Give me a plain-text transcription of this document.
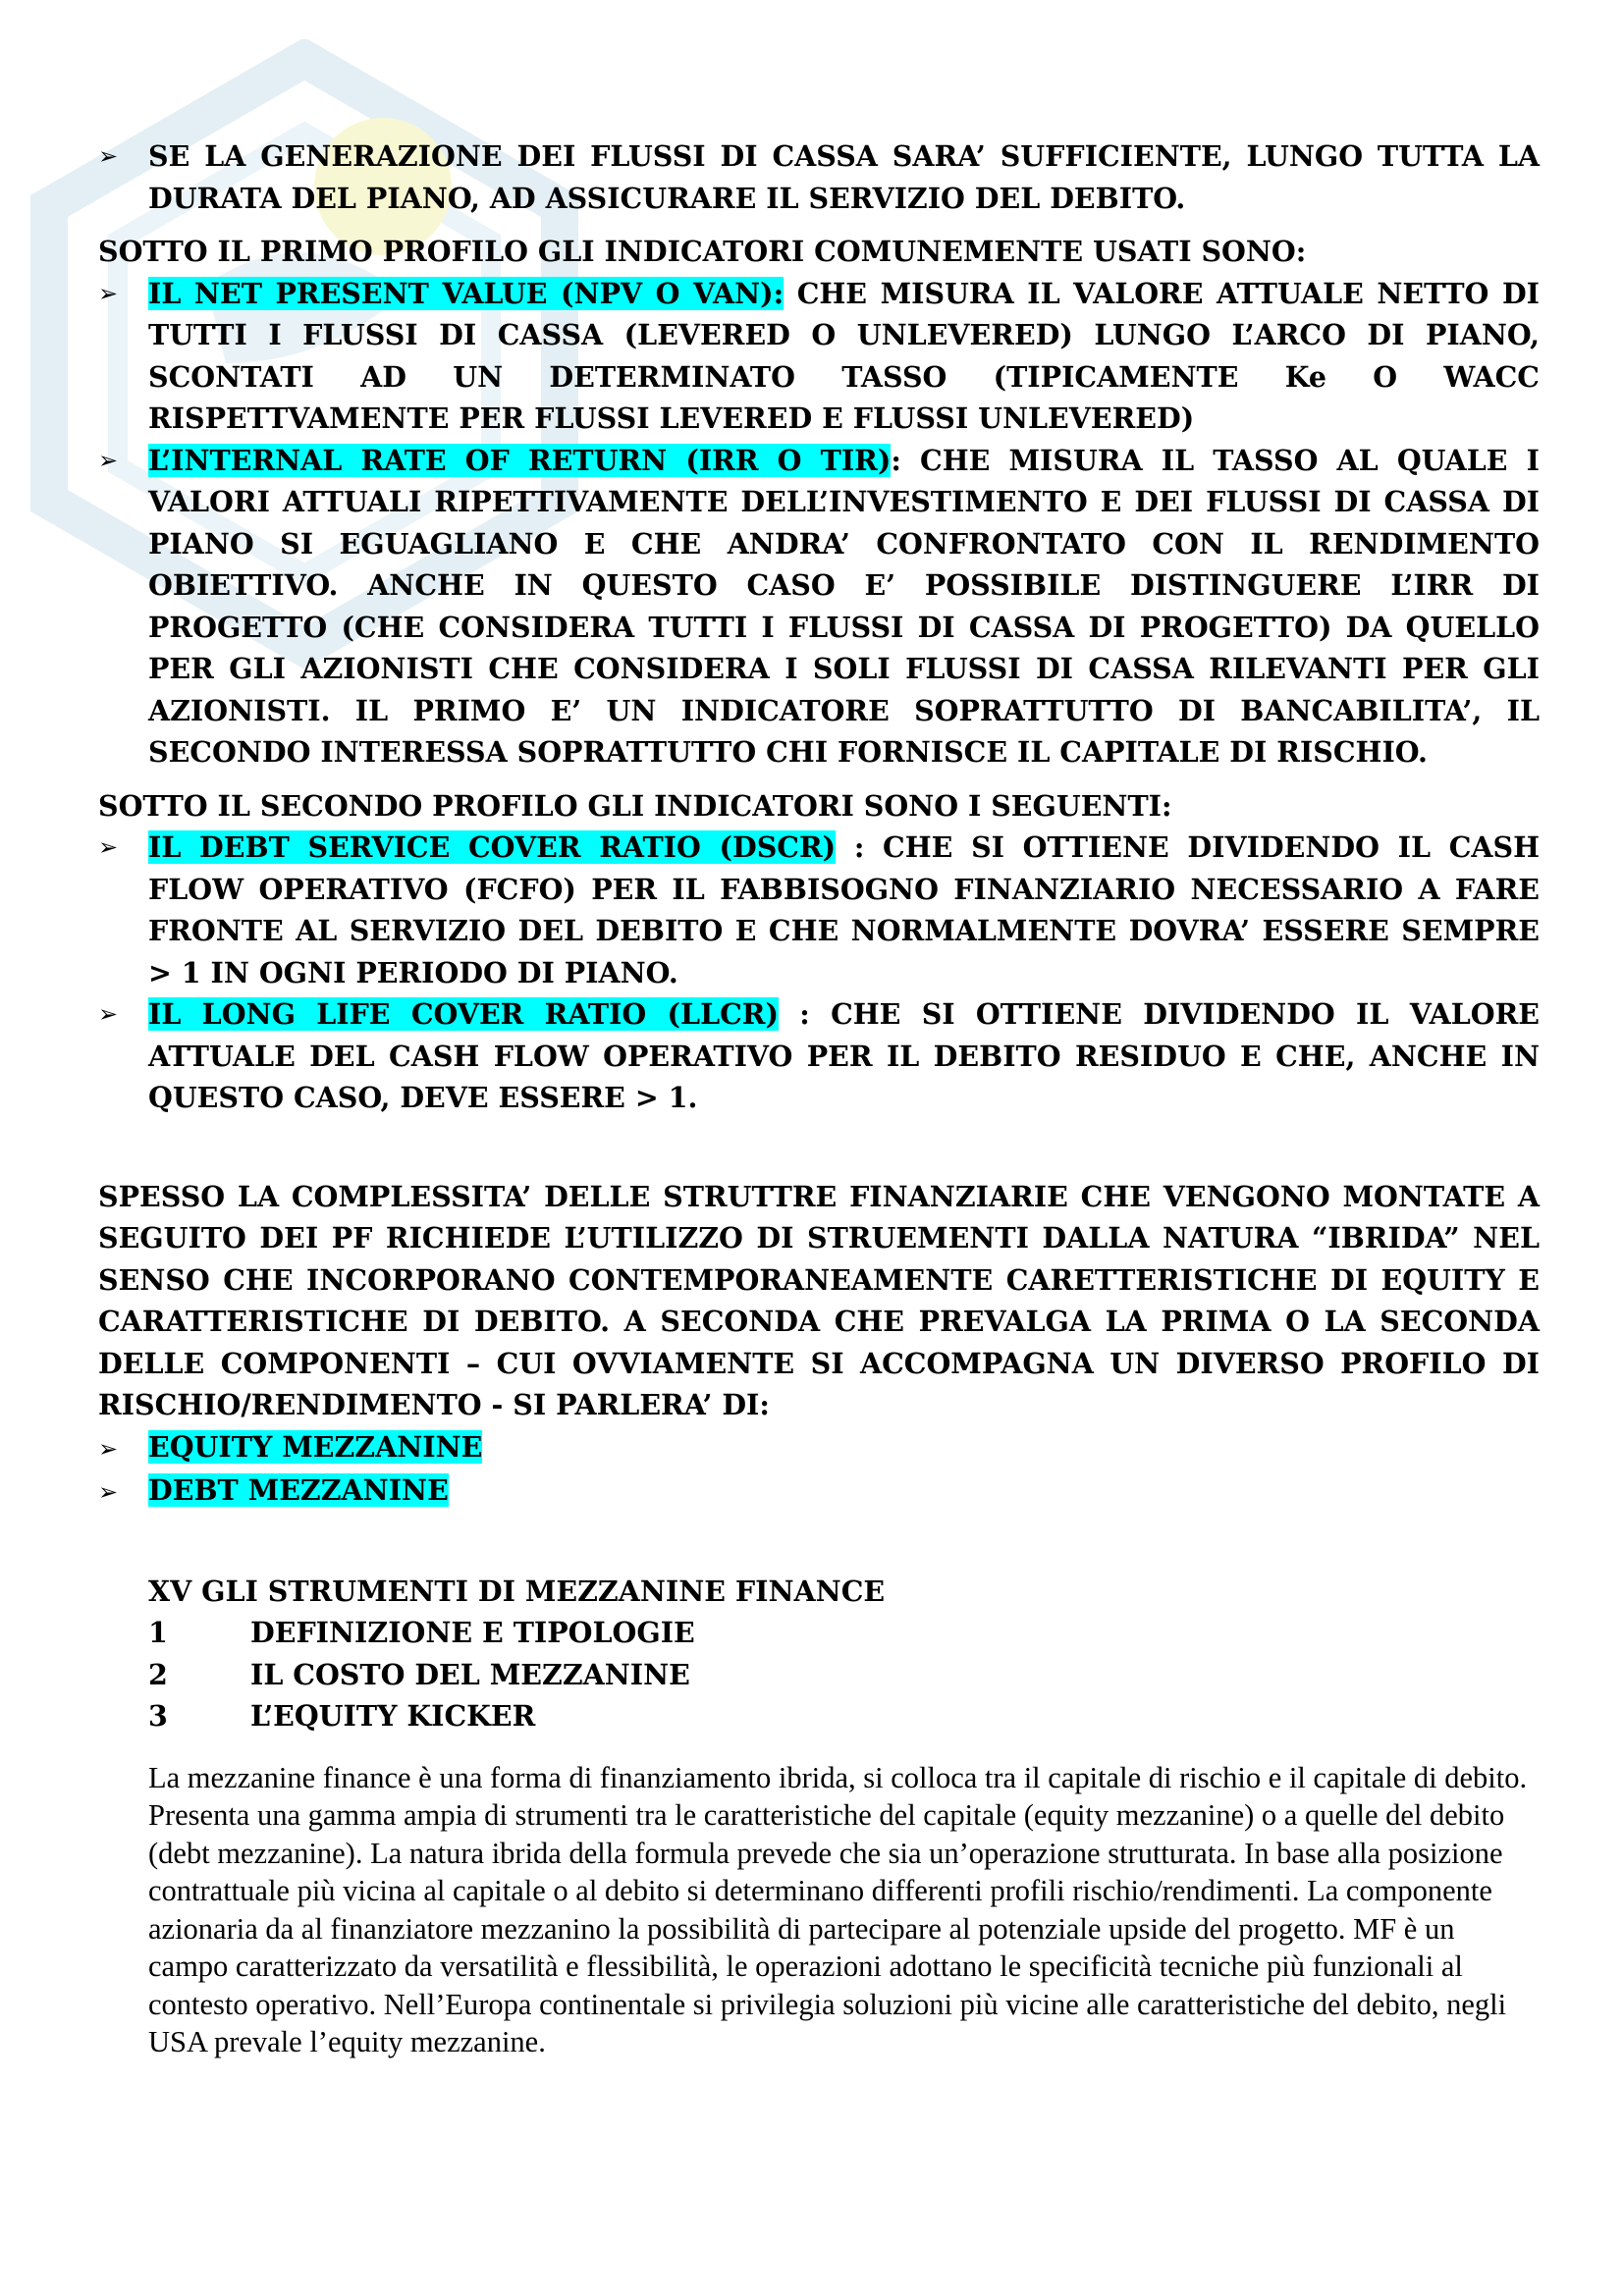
➢ SE LA GENERAZIONE DEI FLUSSI DI CASSA SARA’ SUFFICIENTE, LUNGO TUTTA LA DURATA DEL PIANO, AD ASSICURARE IL SERVIZIO DEL DEBITO.
SOTTO IL PRIMO PROFILO GLI INDICATORI COMUNEMENTE USATI SONO:
➢ IL NET PRESENT VALUE (NPV O VAN): CHE MISURA IL VALORE ATTUALE NETTO DI TUTTI I FLUSSI DI CASSA (LEVERED O UNLEVERED) LUNGO L’ARCO DI PIANO, SCONTATI AD UN DETERMINATO TASSO (TIPICAMENTE Ke O WACC RISPETTVAMENTE PER FLUSSI LEVERED E FLUSSI UNLEVERED)
➢ L’INTERNAL RATE OF RETURN (IRR O TIR): CHE MISURA IL TASSO AL QUALE I VALORI ATTUALI RIPETTIVAMENTE DELL’INVESTIMENTO E DEI FLUSSI DI CASSA DI PIANO SI EGUAGLIANO E CHE ANDRA’ CONFRONTATO CON IL RENDIMENTO OBIETTIVO. ANCHE IN QUESTO CASO E’ POSSIBILE DISTINGUERE L’IRR DI PROGETTO (CHE CONSIDERA TUTTI I FLUSSI DI CASSA DI PROGETTO) DA QUELLO PER GLI AZIONISTI CHE CONSIDERA I SOLI FLUSSI DI CASSA RILEVANTI PER GLI AZIONISTI. IL PRIMO E’ UN INDICATORE SOPRATTUTTO DI BANCABILITA’, IL SECONDO INTERESSA SOPRATTUTTO CHI FORNISCE IL CAPITALE DI RISCHIO.
SOTTO IL SECONDO PROFILO GLI INDICATORI SONO I SEGUENTI:
➢ IL DEBT SERVICE COVER RATIO (DSCR) : CHE SI OTTIENE DIVIDENDO IL CASH FLOW OPERATIVO (FCFO) PER IL FABBISOGNO FINANZIARIO NECESSARIO A FARE FRONTE AL SERVIZIO DEL DEBITO E CHE NORMALMENTE DOVRA’ ESSERE SEMPRE > 1 IN OGNI PERIODO DI PIANO.
➢ IL LONG LIFE COVER RATIO (LLCR) : CHE SI OTTIENE DIVIDENDO IL VALORE ATTUALE DEL CASH FLOW OPERATIVO PER IL DEBITO RESIDUO E CHE, ANCHE IN QUESTO CASO, DEVE ESSERE > 1.
SPESSO LA COMPLESSITA’ DELLE STRUTTRE FINANZIARIE CHE VENGONO MONTATE A SEGUITO DEI PF RICHIEDE L’UTILIZZO DI STRUEMENTI DALLA NATURA “IBRIDA” NEL SENSO CHE INCORPORANO CONTEMPORANEAMENTE CARETTERISTICHE DI EQUITY E CARATTERISTICHE DI DEBITO. A SECONDA CHE PREVALGA LA PRIMA O LA SECONDA DELLE COMPONENTI – CUI OVVIAMENTE SI ACCOMPAGNA UN DIVERSO PROFILO DI RISCHIO/RENDIMENTO - SI PARLERA’ DI:
➢ EQUITY MEZZANINE
➢ DEBT MEZZANINE
XV GLI STRUMENTI DI MEZZANINE FINANCE
1	DEFINIZIONE E TIPOLOGIE
2	IL COSTO DEL MEZZANINE
3	L’EQUITY KICKER
La mezzanine finance è una forma di finanziamento ibrida, si colloca tra il capitale di rischio e il capitale di debito. Presenta una gamma ampia di strumenti tra le caratteristiche del capitale (equity mezzanine) o a quelle del debito (debt mezzanine). La natura ibrida della formula prevede che sia un’operazione strutturata. In base alla posizione contrattuale più vicina al capitale o al debito si determinano differenti profili rischio/rendimenti. La componente azionaria da al finanziatore mezzanino la possibilità di partecipare al potenziale upside del progetto. MF è un campo caratterizzato da versatilità e flessibilità, le operazioni adottano le specificità tecniche più funzionali al contesto operativo. Nell’Europa continentale si privilegia soluzioni più vicine alle caratteristiche del debito, negli USA prevale l’equity mezzanine.
